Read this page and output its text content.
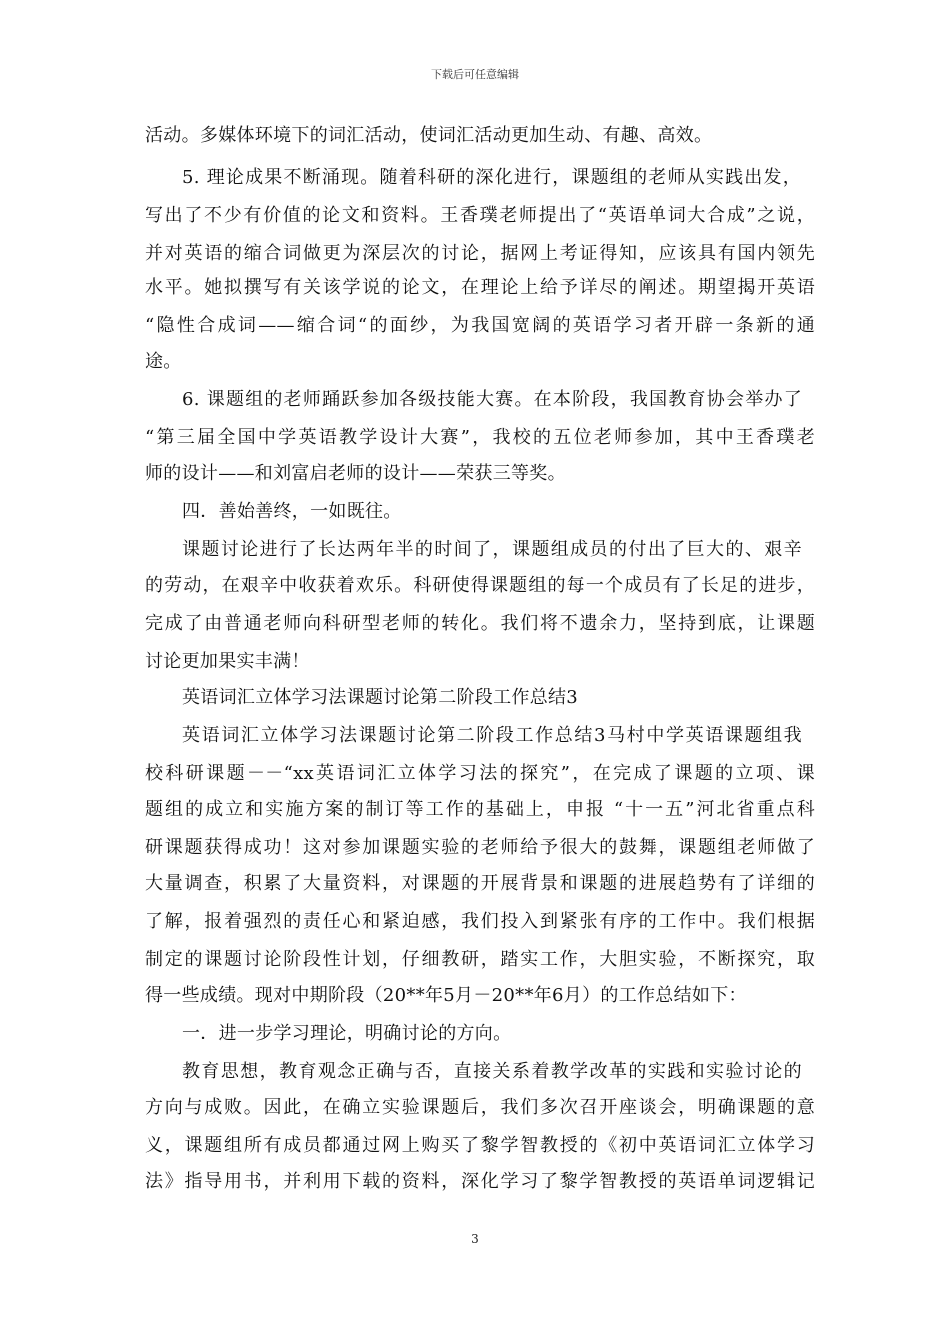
下载后可任意编辑
活动。多媒体环境下的词汇活动，使词汇活动更加生动、有趣、高效。
5. 理论成果不断涌现。随着科研的深化进行，课题组的老师从实践出发，
写出了不少有价值的论文和资料。王香璞老师提出了“英语单词大合成”之说，
并对英语的缩合词做更为深层次的讨论，据网上考证得知，应该具有国内领先
水平。她拟撰写有关该学说的论文，在理论上给予详尽的阐述。期望揭开英语
“隐性合成词——缩合词“的面纱，为我国宽阔的英语学习者开辟一条新的通
途。
6. 课题组的老师踊跃参加各级技能大赛。在本阶段，我国教育协会举办了
“第三届全国中学英语教学设计大赛”，我校的五位老师参加，其中王香璞老
师的设计——和刘富启老师的设计——荣获三等奖。
四．善始善终，一如既往。
课题讨论进行了长达两年半的时间了，课题组成员的付出了巨大的、艰辛
的劳动，在艰辛中收获着欢乐。科研使得课题组的每一个成员有了长足的进步，
完成了由普通老师向科研型老师的转化。我们将不遗余力，坚持到底，让课题
讨论更加果实丰满！
英语词汇立体学习法课题讨论第二阶段工作总结3
英语词汇立体学习法课题讨论第二阶段工作总结3马村中学英语课题组我
校科研课题－－“xx英语词汇立体学习法的探究”，在完成了课题的立项、课
题组的成立和实施方案的制订等工作的基础上，申报 “十一五”河北省重点科
研课题获得成功！这对参加课题实验的老师给予很大的鼓舞，课题组老师做了
大量调查，积累了大量资料，对课题的开展背景和课题的进展趋势有了详细的
了解，报着强烈的责任心和紧迫感，我们投入到紧张有序的工作中。我们根据
制定的课题讨论阶段性计划，仔细教研，踏实工作，大胆实验，不断探究，取
得一些成绩。现对中期阶段（20**年5月－20**年6月）的工作总结如下：
一．进一步学习理论，明确讨论的方向。
教育思想，教育观念正确与否，直接关系着教学改革的实践和实验讨论的
方向与成败。因此，在确立实验课题后，我们多次召开座谈会，明确课题的意
义，课题组所有成员都通过网上购买了黎学智教授的《初中英语词汇立体学习
法》指导用书，并利用下载的资料，深化学习了黎学智教授的英语单词逻辑记
3
